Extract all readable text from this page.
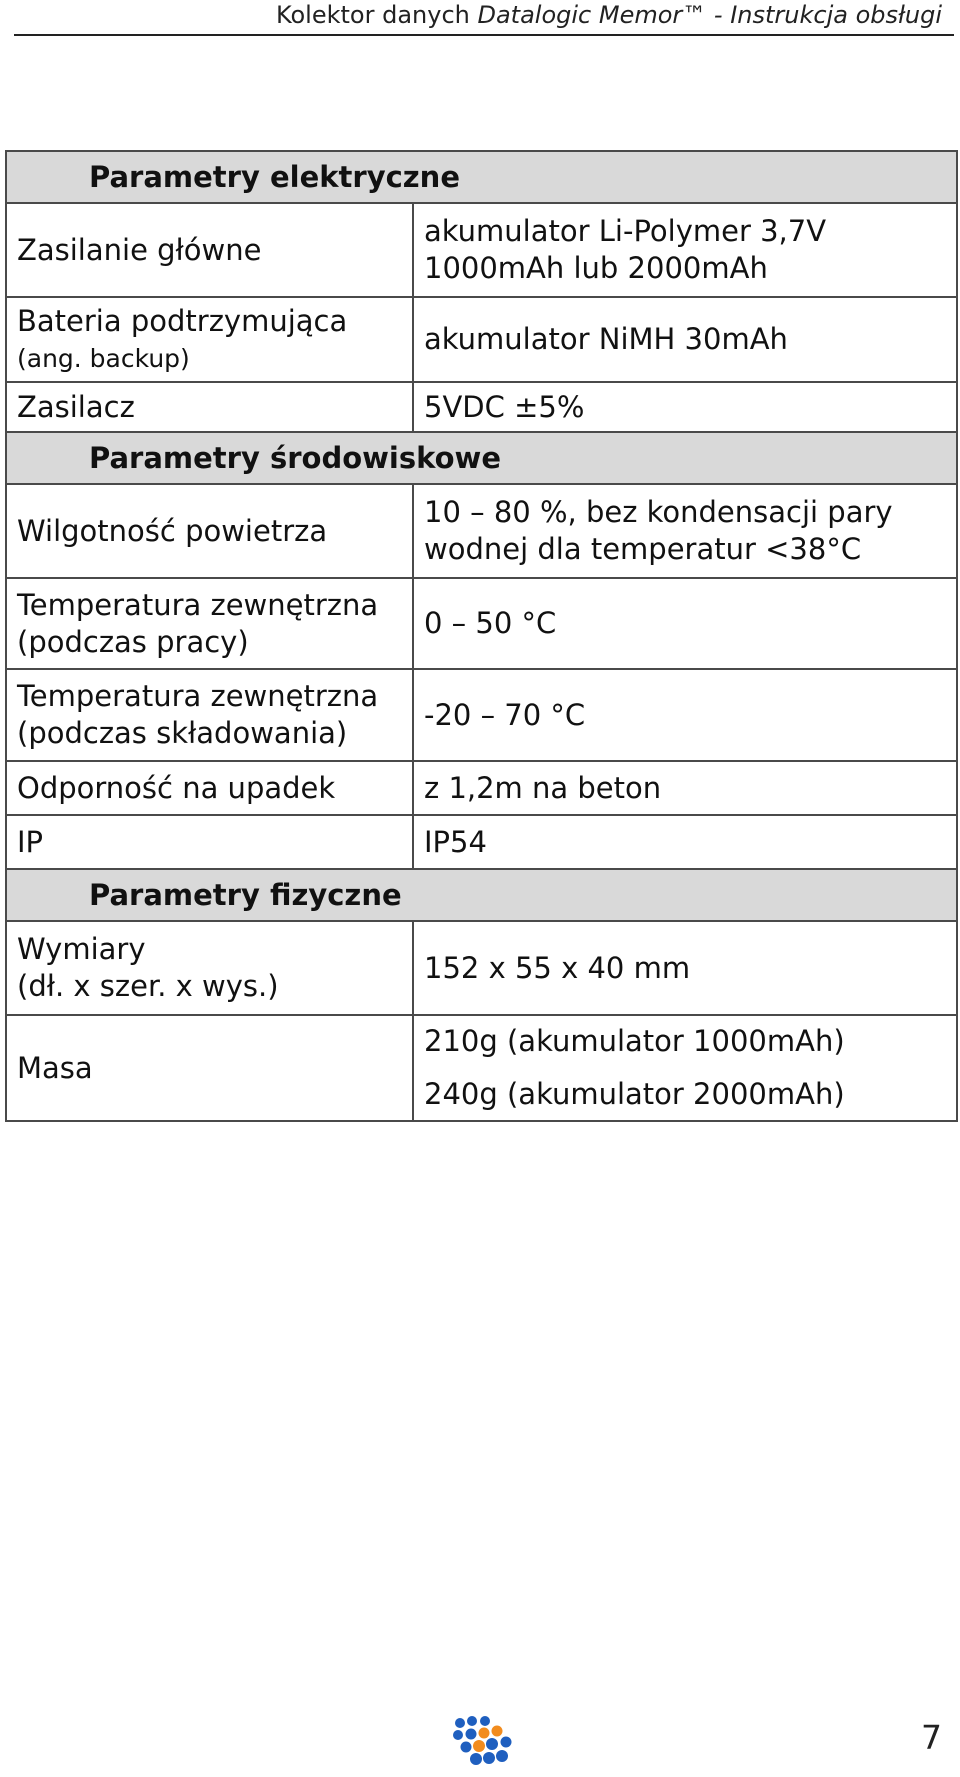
Kolektor danych Datalogic Memor™ - Instrukcja obsługi
Parametry elektryczne	
Zasilanie główne	akumulator Li-Polymer 3,7V
1000mAh lub 2000mAh

Bateria podtrzymująca
(ang. backup)	akumulator NiMH 30mAh
Zasilacz	5VDC ±5%
Parametry środowiskowe	
Wilgotność powietrza	10 – 80 %, bez kondensacji pary
wodnej dla temperatur <38°C

Temperatura zewnętrzna
(podczas pracy)	0 – 50 °C

Temperatura zewnętrzna
(podczas składowania)	-20 – 70 °C
Odporność na upadek	z 1,2m na beton
IP	IP54
Parametry fizyczne	

Wymiary
(dł. x szer. x wys.)	152 x 55 x 40 mm
Masa	210g (akumulator 1000mAh)
240g (akumulator 2000mAh)
7
